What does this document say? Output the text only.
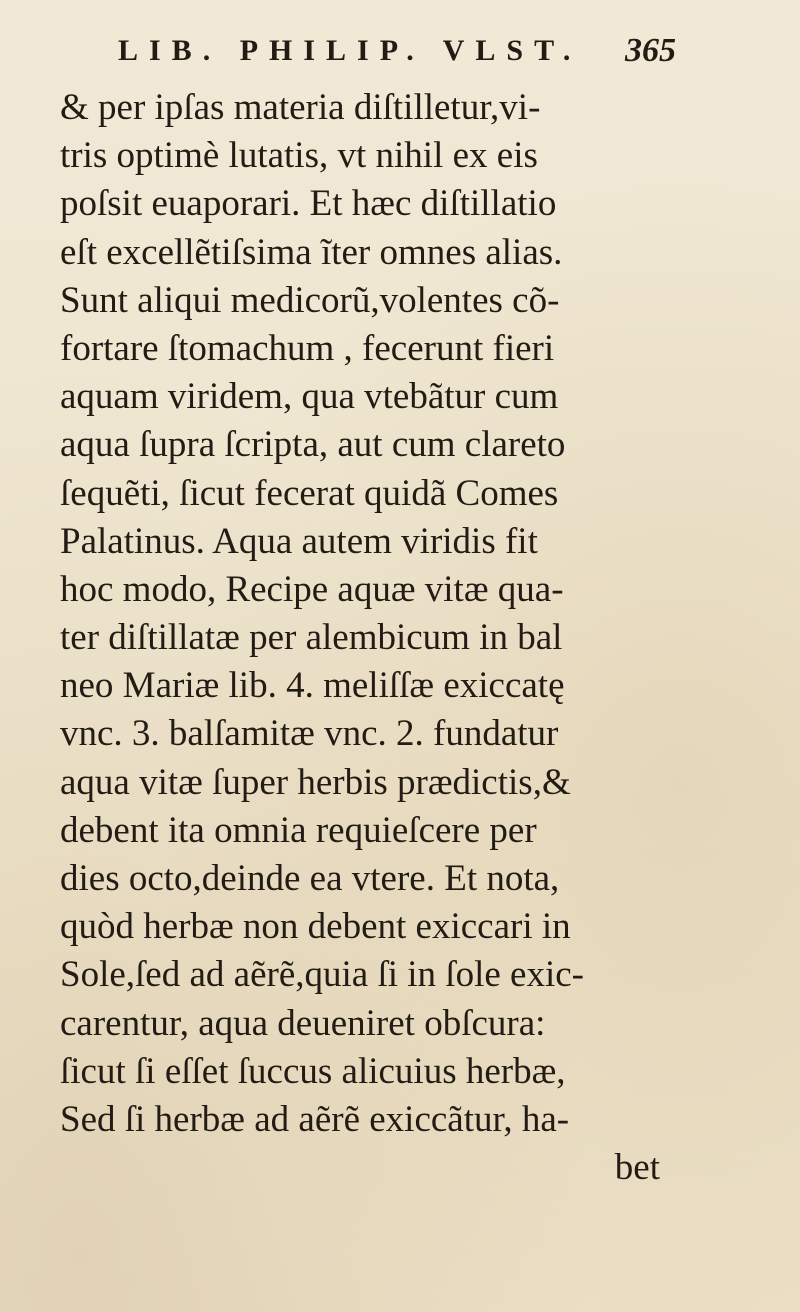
LIB. PHILIP. VLST. 365
& per ipſas materia diſtilletur,vi-
tris optimè lutatis, vt nihil ex eis
poſsit euaporari. Et hæc diſtillatio
eſt excellẽtiſsima ĩter omnes alias.
Sunt aliqui medicorũ,volentes cõ-
fortare ſtomachum , fecerunt fieri
aquam viridem, qua vtebãtur cum
aqua ſupra ſcripta, aut cum clareto
ſequẽti, ſicut fecerat quidã Comes
Palatinus. Aqua autem viridis fit
hoc modo, Recipe aquæ vitæ qua-
ter diſtillatæ per alembicum in bal
neo Mariæ lib. 4. meliſſæ exiccatę
vnc. 3. balſamitæ vnc. 2. fundatur
aqua vitæ ſuper herbis prædictis,&
debent ita omnia requieſcere per
dies octo,deinde ea vtere. Et nota,
quòd herbæ non debent exiccari in
Sole,ſed ad aẽrẽ,quia ſi in ſole exic-
carentur, aqua deueniret obſcura:
ſicut ſi eſſet ſuccus alicuius herbæ,
Sed ſi herbæ ad aẽrẽ exiccãtur, ha-
bet
